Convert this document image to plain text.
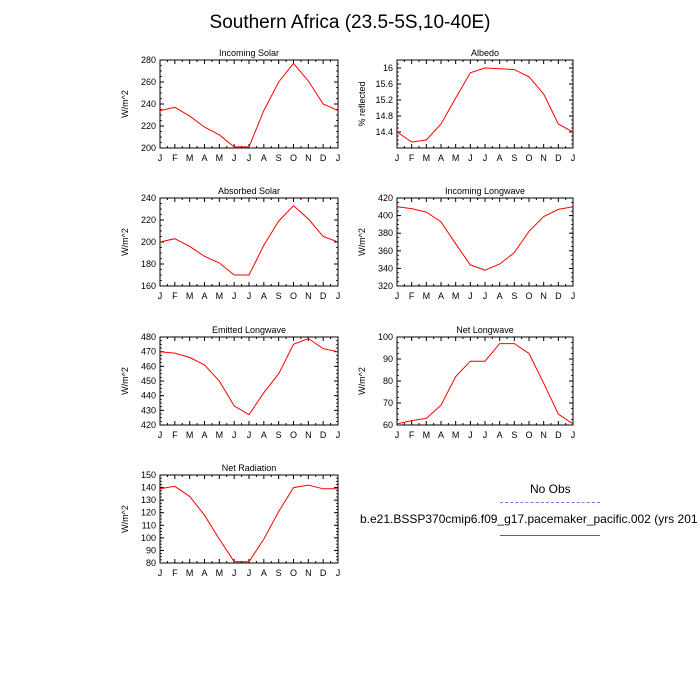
Southern Africa (23.5-5S,10-40E)
Incoming Solar
W/m^2
J F M A M J J A S O N D J
200
220
240
260
280
Albedo
% reflected
J F M A M J J A S O N D J
14.4
14.8
15.2
15.6
16
Absorbed Solar
W/m^2
J F M A M J J A S O N D J
160
180
200
220
240
Incoming Longwave
W/m^2
J F M A M J J A S O N D J
320
340
360
380
400
420
Emitted Longwave
W/m^2
J F M A M J J A S O N D J
420
430
440
450
460
470
480
Net Longwave
W/m^2
J F M A M J J A S O N D J
60
70
80
90
100
Net Radiation
W/m^2
J F M A M J J A S O N D J
80
90
100
110
120
130
140
150
No Obs
b.e21.BSSP370cmip6.f09_g17.pacemaker_pacific.002 (yrs 201
